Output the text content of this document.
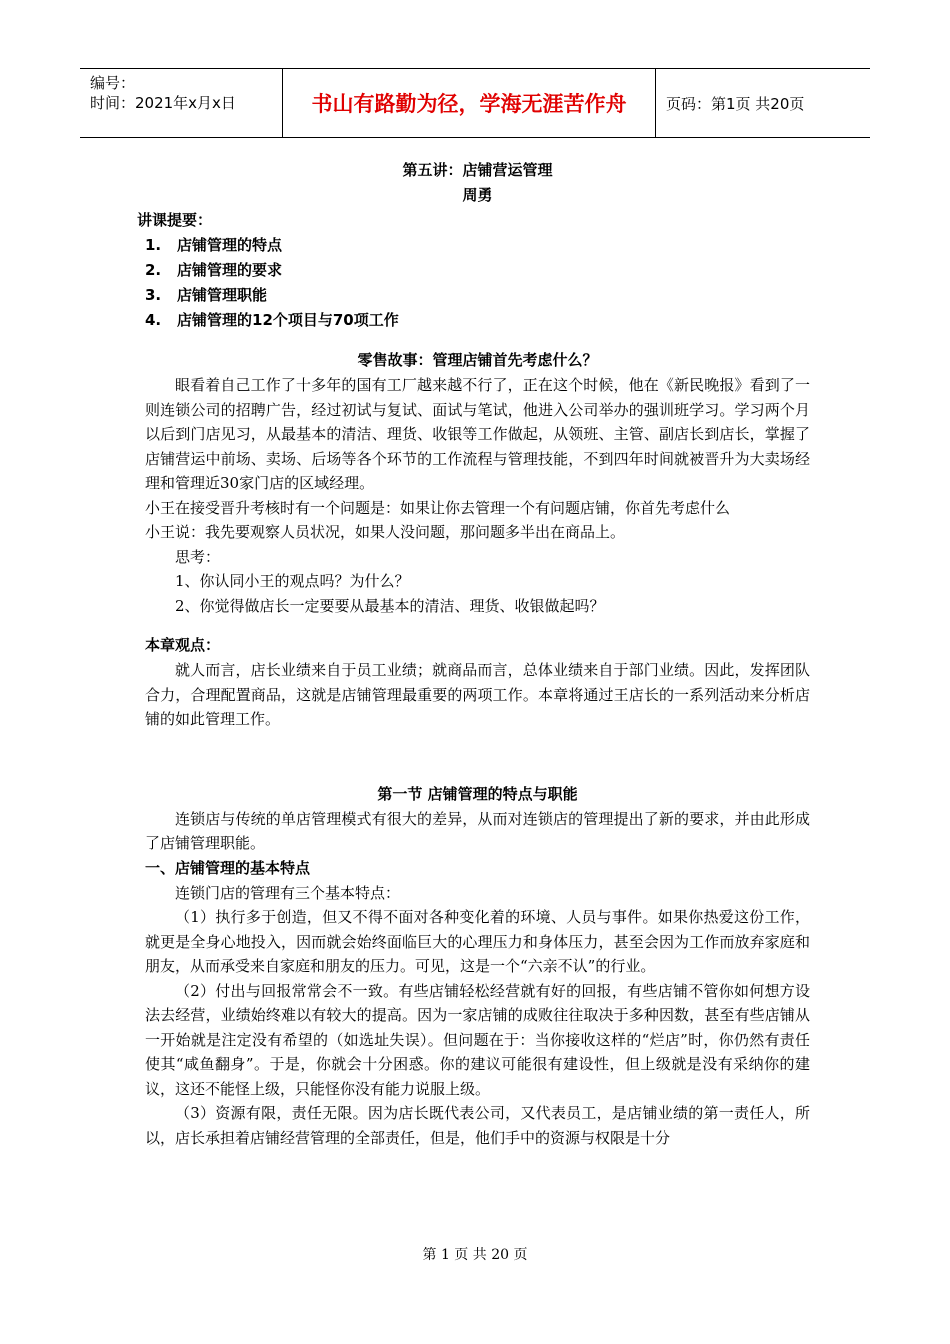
编号：
时间：2021年x月x日	书山有路勤为径，学海无涯苦作舟	页码：第1页 共20页
第五讲：店铺营运管理
周勇
讲课提要：
1.	店铺管理的特点
2.	店铺管理的要求
3.	店铺管理职能
4.	店铺管理的12个项目与70项工作
零售故事：管理店铺首先考虑什么？

眼看着自己工作了十多年的国有工厂越来越不行了，正在这个时候，他在《新民晚报》看到了一则连锁公司的招聘广告，经过初试与复试、面试与笔试，他进入公司举办的强训班学习。学习两个月以后到门店见习，从最基本的清洁、理货、收银等工作做起，从领班、主管、副店长到店长，掌握了店铺营运中前场、卖场、后场等各个环节的工作流程与管理技能，不到四年时间就被晋升为大卖场经理和管理近30家门店的区域经理。

小王在接受晋升考核时有一个问题是：如果让你去管理一个有问题店铺，你首先考虑什么

小王说：我先要观察人员状况，如果人没问题，那问题多半出在商品上。

思考：

1、你认同小王的观点吗？为什么？

2、你觉得做店长一定要要从最基本的清洁、理货、收银做起吗？

本章观点：

就人而言，店长业绩来自于员工业绩；就商品而言，总体业绩来自于部门业绩。因此，发挥团队合力，合理配置商品，这就是店铺管理最重要的两项工作。本章将通过王店长的一系列活动来分析店铺的如此管理工作。

第一节 店铺管理的特点与职能

连锁店与传统的单店管理模式有很大的差异，从而对连锁店的管理提出了新的要求，并由此形成了店铺管理职能。

一、店铺管理的基本特点

连锁门店的管理有三个基本特点：

（1）执行多于创造，但又不得不面对各种变化着的环境、人员与事件。如果你热爱这份工作，就更是全身心地投入，因而就会始终面临巨大的心理压力和身体压力，甚至会因为工作而放弃家庭和朋友，从而承受来自家庭和朋友的压力。可见，这是一个“六亲不认”的行业。

（2）付出与回报常常会不一致。有些店铺轻松经营就有好的回报，有些店铺不管你如何想方设法去经营，业绩始终难以有较大的提高。因为一家店铺的成败往往取决于多种因数，甚至有些店铺从一开始就是注定没有希望的（如选址失误）。但问题在于：当你接收这样的“烂店”时，你仍然有责任使其“咸鱼翻身”。于是，你就会十分困惑。你的建议可能很有建设性，但上级就是没有采纳你的建议，这还不能怪上级，只能怪你没有能力说服上级。

（3）资源有限，责任无限。因为店长既代表公司，又代表员工，是店铺业绩的第一责任人，所以，店长承担着店铺经营管理的全部责任，但是，他们手中的资源与权限是十分

第 1 页 共 20 页
